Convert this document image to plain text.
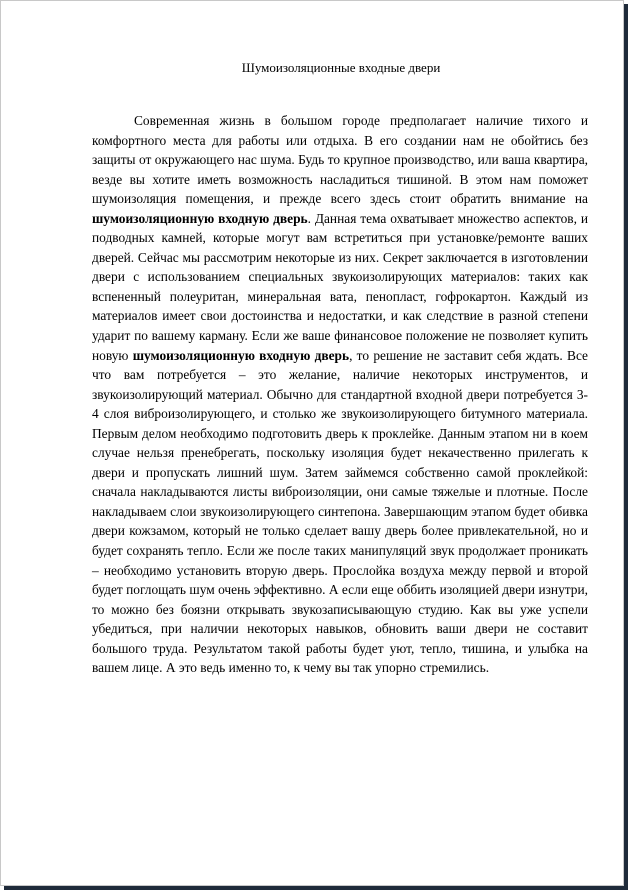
Шумоизоляционные входные двери

Современная жизнь в большом городе предполагает наличие тихого и комфортного места для работы или отдыха. В его создании нам не обойтись без защиты от окружающего нас шума. Будь то крупное производство, или ваша квартира, везде вы хотите иметь возможность насладиться тишиной. В этом нам поможет шумоизоляция помещения, и прежде всего здесь стоит обратить внимание на шумоизоляционную входную дверь. Данная тема охватывает множество аспектов, и подводных камней, которые могут вам встретиться при установке/ремонте ваших дверей. Сейчас мы рассмотрим некоторые из них. Секрет заключается в изготовлении двери с использованием специальных звукоизолирующих материалов: таких как вспененный полеуритан, минеральная вата, пенопласт, гофрокартон. Каждый из материалов имеет свои достоинства и недостатки, и как следствие в разной степени ударит по вашему карману. Если же ваше финансовое положение не позволяет купить новую шумоизоляционную входную дверь, то решение не заставит себя ждать. Все что вам потребуется – это желание, наличие некоторых инструментов, и звукоизолирующий материал. Обычно для стандартной входной двери потребуется 3-4 слоя виброизолирующего, и столько же звукоизолирующего битумного материала. Первым делом необходимо подготовить дверь к проклейке. Данным этапом ни в коем случае нельзя пренебрегать, поскольку изоляция будет некачественно прилегать к двери и пропускать лишний шум. Затем займемся собственно самой проклейкой: сначала накладываются листы виброизоляции, они самые тяжелые и плотные. После накладываем слои звукоизолирующего синтепона. Завершающим этапом будет обивка двери кожзамом, который не только сделает вашу дверь более привлекательной, но и будет сохранять тепло. Если же после таких манипуляций звук продолжает проникать – необходимо установить вторую дверь. Прослойка воздуха между первой и второй будет поглощать шум очень эффективно. А если еще оббить изоляцией двери изнутри, то можно без боязни открывать звукозаписывающую студию. Как вы уже успели убедиться, при наличии некоторых навыков, обновить ваши двери не составит большого труда. Результатом такой работы будет уют, тепло, тишина, и улыбка на вашем лице. А это ведь именно то, к чему вы так упорно стремились.
